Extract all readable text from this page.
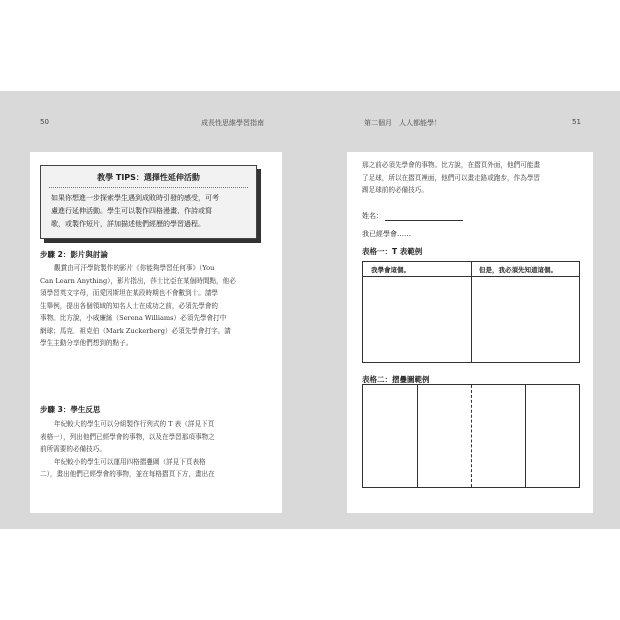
50	成長性思維學習指南
教學 TIPS：選擇性延伸活動
如果你想進一步探索學生遇到成敗時引發的感受，可考
慮進行延伸活動。學生可以製作四格漫畫、作詩或寫
歌，或製作短片，詳加描述他們經歷的學習過程。
步驟 2：影片與討論
觀賞由可汗學院製作的影片《你能夠學習任何事》（You
Can Learn Anything），影片指出，莎士比亞在某個時間點，他必
須學習英文字母，而愛因斯坦在某段時期也不會數到十。請學
生舉例，提出各個領域的知名人士在成功之前，必須先學會的
事物。比方說，小威廉絲（Serena Williams）必須先學會打中
網球；馬克．祖克伯（Mark Zuckerberg）必須先學會打字。請
學生主動分享他們想到的點子。
步驟 3：學生反思
年紀較大的學生可以分組製作行列式的 T 表（詳見下頁
表格一），列出他們已經學會的事物，以及在學習那項事物之
前所需要的必備技巧。
年紀較小的學生可以運用四格摺疊圖（詳見下頁表格
二），畫出他們已經學會的事物，並在每格摺頁下方，畫出在
第二個月　人人都能學！	51
那之前必須先學會的事物。比方說，在摺頁外面，他們可能畫
了足球，所以在摺頁裡面，他們可以畫走路或跑步，作為學習
踢足球前的必備技巧。
姓名：
我已經學會……
表格一：T 表範例
我學會這個。	但是，我必須先知道這個。
表格二：摺疊圖範例
